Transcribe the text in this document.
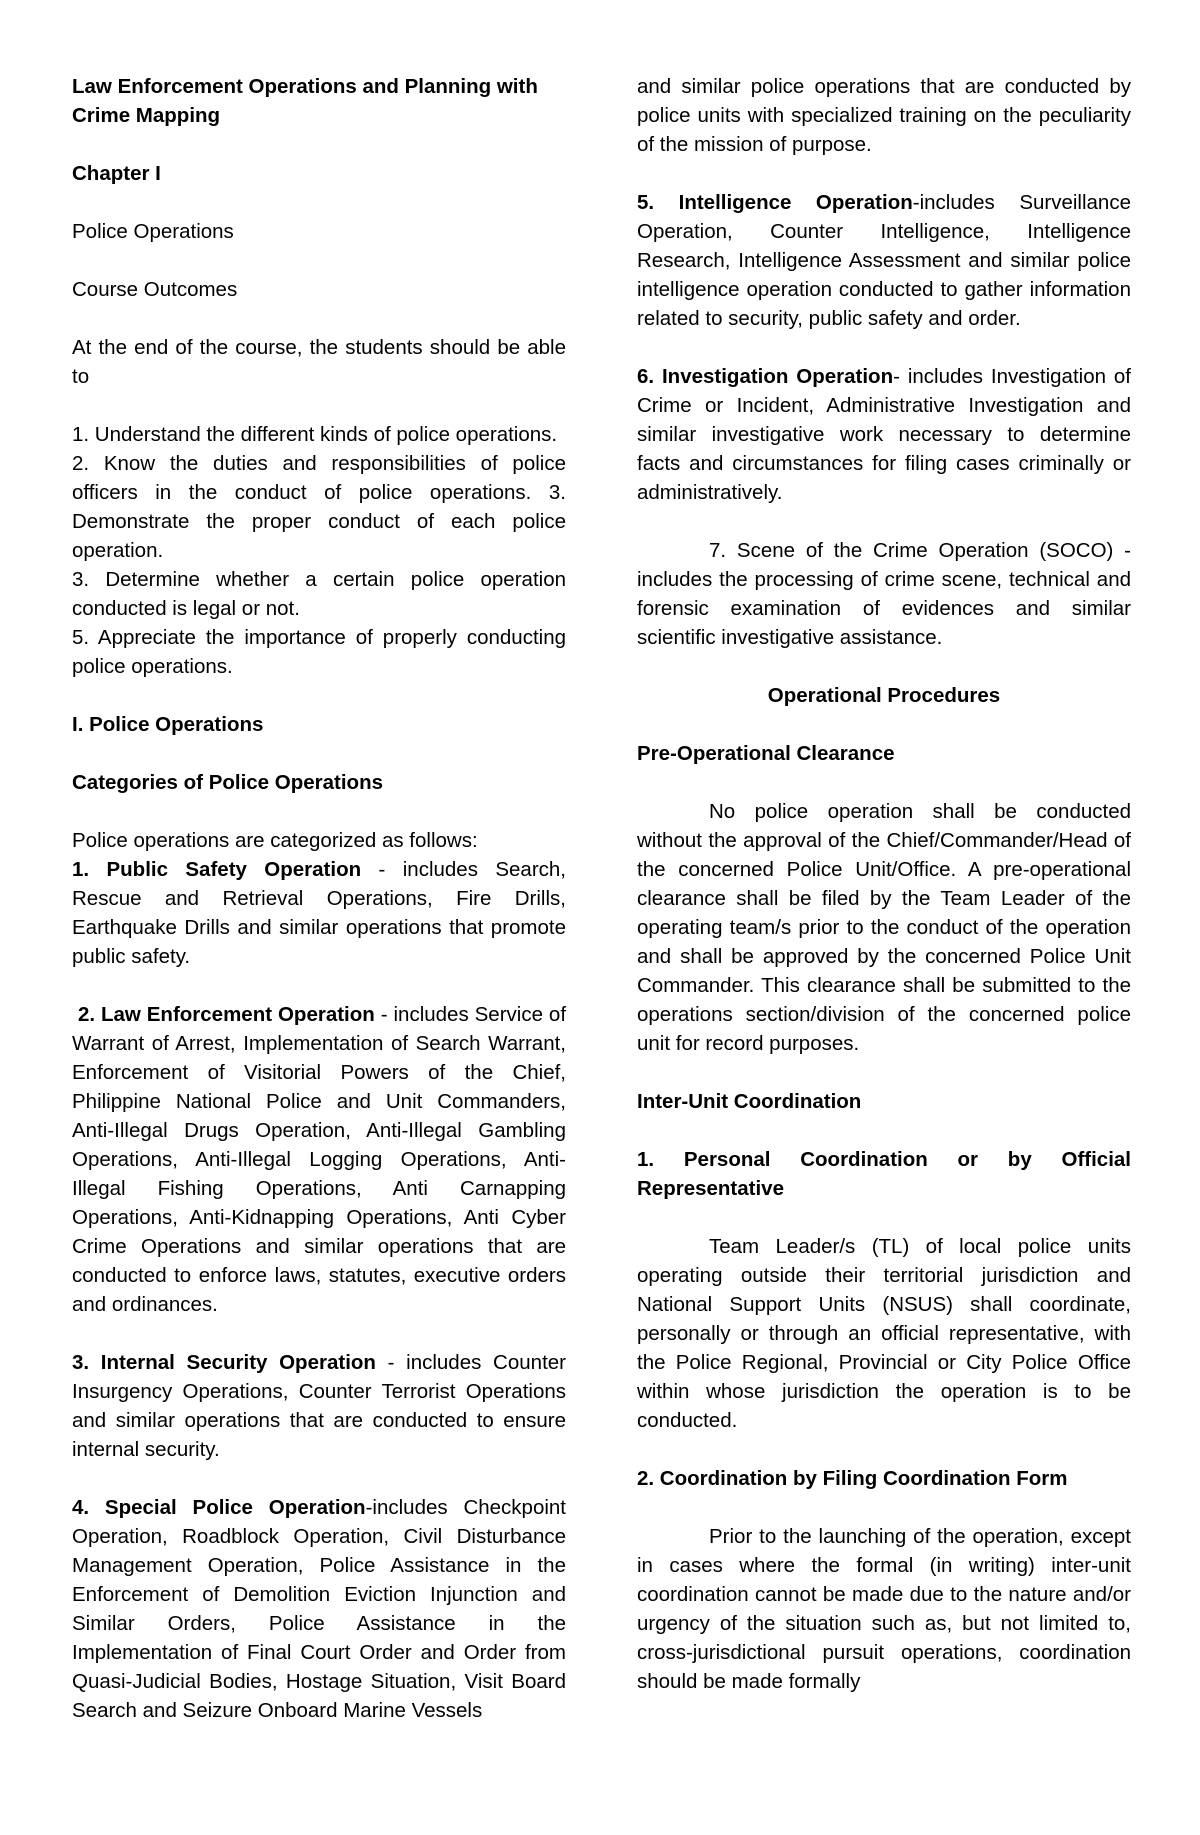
Law Enforcement Operations and Planning with
Crime Mapping

Chapter I

Police Operations

Course Outcomes

At the end of the course, the students should be able to

1. Understand the different kinds of police operations.

2. Know the duties and responsibilities of police officers in the conduct of police operations. 3. Demonstrate the proper conduct of each police operation.

3. Determine whether a certain police operation conducted is legal or not.

5. Appreciate the importance of properly conducting police operations.

I. Police Operations

Categories of Police Operations

Police operations are categorized as follows:

1. Public Safety Operation - includes Search, Rescue and Retrieval Operations, Fire Drills, Earthquake Drills and similar operations that promote public safety.

2. Law Enforcement Operation - includes Service of Warrant of Arrest, Implementation of Search Warrant, Enforcement of Visitorial Powers of the Chief, Philippine National Police and Unit Commanders, Anti-Illegal Drugs Operation, Anti-Illegal Gambling Operations, Anti-Illegal Logging Operations, Anti-Illegal Fishing Operations, Anti Carnapping Operations, Anti-Kidnapping Operations, Anti Cyber Crime Operations and similar operations that are conducted to enforce laws, statutes, executive orders and ordinances.

3. Internal Security Operation - includes Counter Insurgency Operations, Counter Terrorist Operations and similar operations that are conducted to ensure internal security.

4. Special Police Operation-includes Checkpoint Operation, Roadblock Operation, Civil Disturbance Management Operation, Police Assistance in the Enforcement of Demolition Eviction Injunction and Similar Orders, Police Assistance in the Implementation of Final Court Order and Order from Quasi-Judicial Bodies, Hostage Situation, Visit Board Search and Seizure Onboard Marine Vessels

and similar police operations that are conducted by police units with specialized training on the peculiarity of the mission of purpose.

5. Intelligence Operation-includes Surveillance Operation, Counter Intelligence, Intelligence Research, Intelligence Assessment and similar police intelligence operation conducted to gather information related to security, public safety and order.

6. Investigation Operation- includes Investigation of Crime or Incident, Administrative Investigation and similar investigative work necessary to determine facts and circumstances for filing cases criminally or administratively.

7. Scene of the Crime Operation (SOCO) - includes the processing of crime scene, technical and forensic examination of evidences and similar scientific investigative assistance.

Operational Procedures

Pre-Operational Clearance

No police operation shall be conducted without the approval of the Chief/Commander/Head of the concerned Police Unit/Office. A pre-operational clearance shall be filed by the Team Leader of the operating team/s prior to the conduct of the operation and shall be approved by the concerned Police Unit Commander. This clearance shall be submitted to the operations section/division of the concerned police unit for record purposes.

Inter-Unit Coordination

1. Personal Coordination or by Official Representative

Team Leader/s (TL) of local police units operating outside their territorial jurisdiction and National Support Units (NSUS) shall coordinate, personally or through an official representative, with the Police Regional, Provincial or City Police Office within whose jurisdiction the operation is to be conducted.

2. Coordination by Filing Coordination Form

Prior to the launching of the operation, except in cases where the formal (in writing) inter-unit coordination cannot be made due to the nature and/or urgency of the situation such as, but not limited to, cross-jurisdictional pursuit operations, coordination should be made formally
